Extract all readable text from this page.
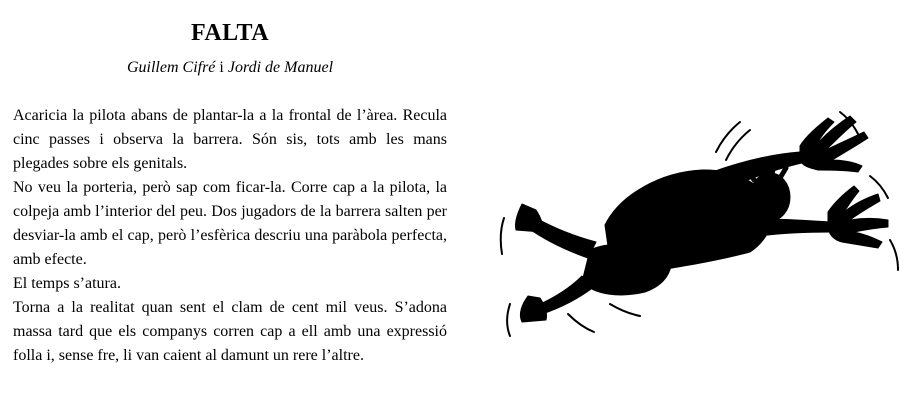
FALTA
Guillem Cifré i Jordi de Manuel

Acaricia la pilota abans de plantar-la a la frontal de l’àrea. Recula cinc passes i observa la barrera. Són sis, tots amb les mans plegades sobre els genitals.

No veu la porteria, però sap com ficar-la. Corre cap a la pilota, la colpeja amb l’interior del peu. Dos jugadors de la barrera salten per desviar-la amb el cap, però l’esfèrica descriu una paràbola perfecta, amb efecte.

El temps s’atura.

Torna a la realitat quan sent el clam de cent mil veus. S’adona massa tard que els companys corren cap a ell amb una expressió folla i, sense fre, li van caient al damunt un rere l’altre.
